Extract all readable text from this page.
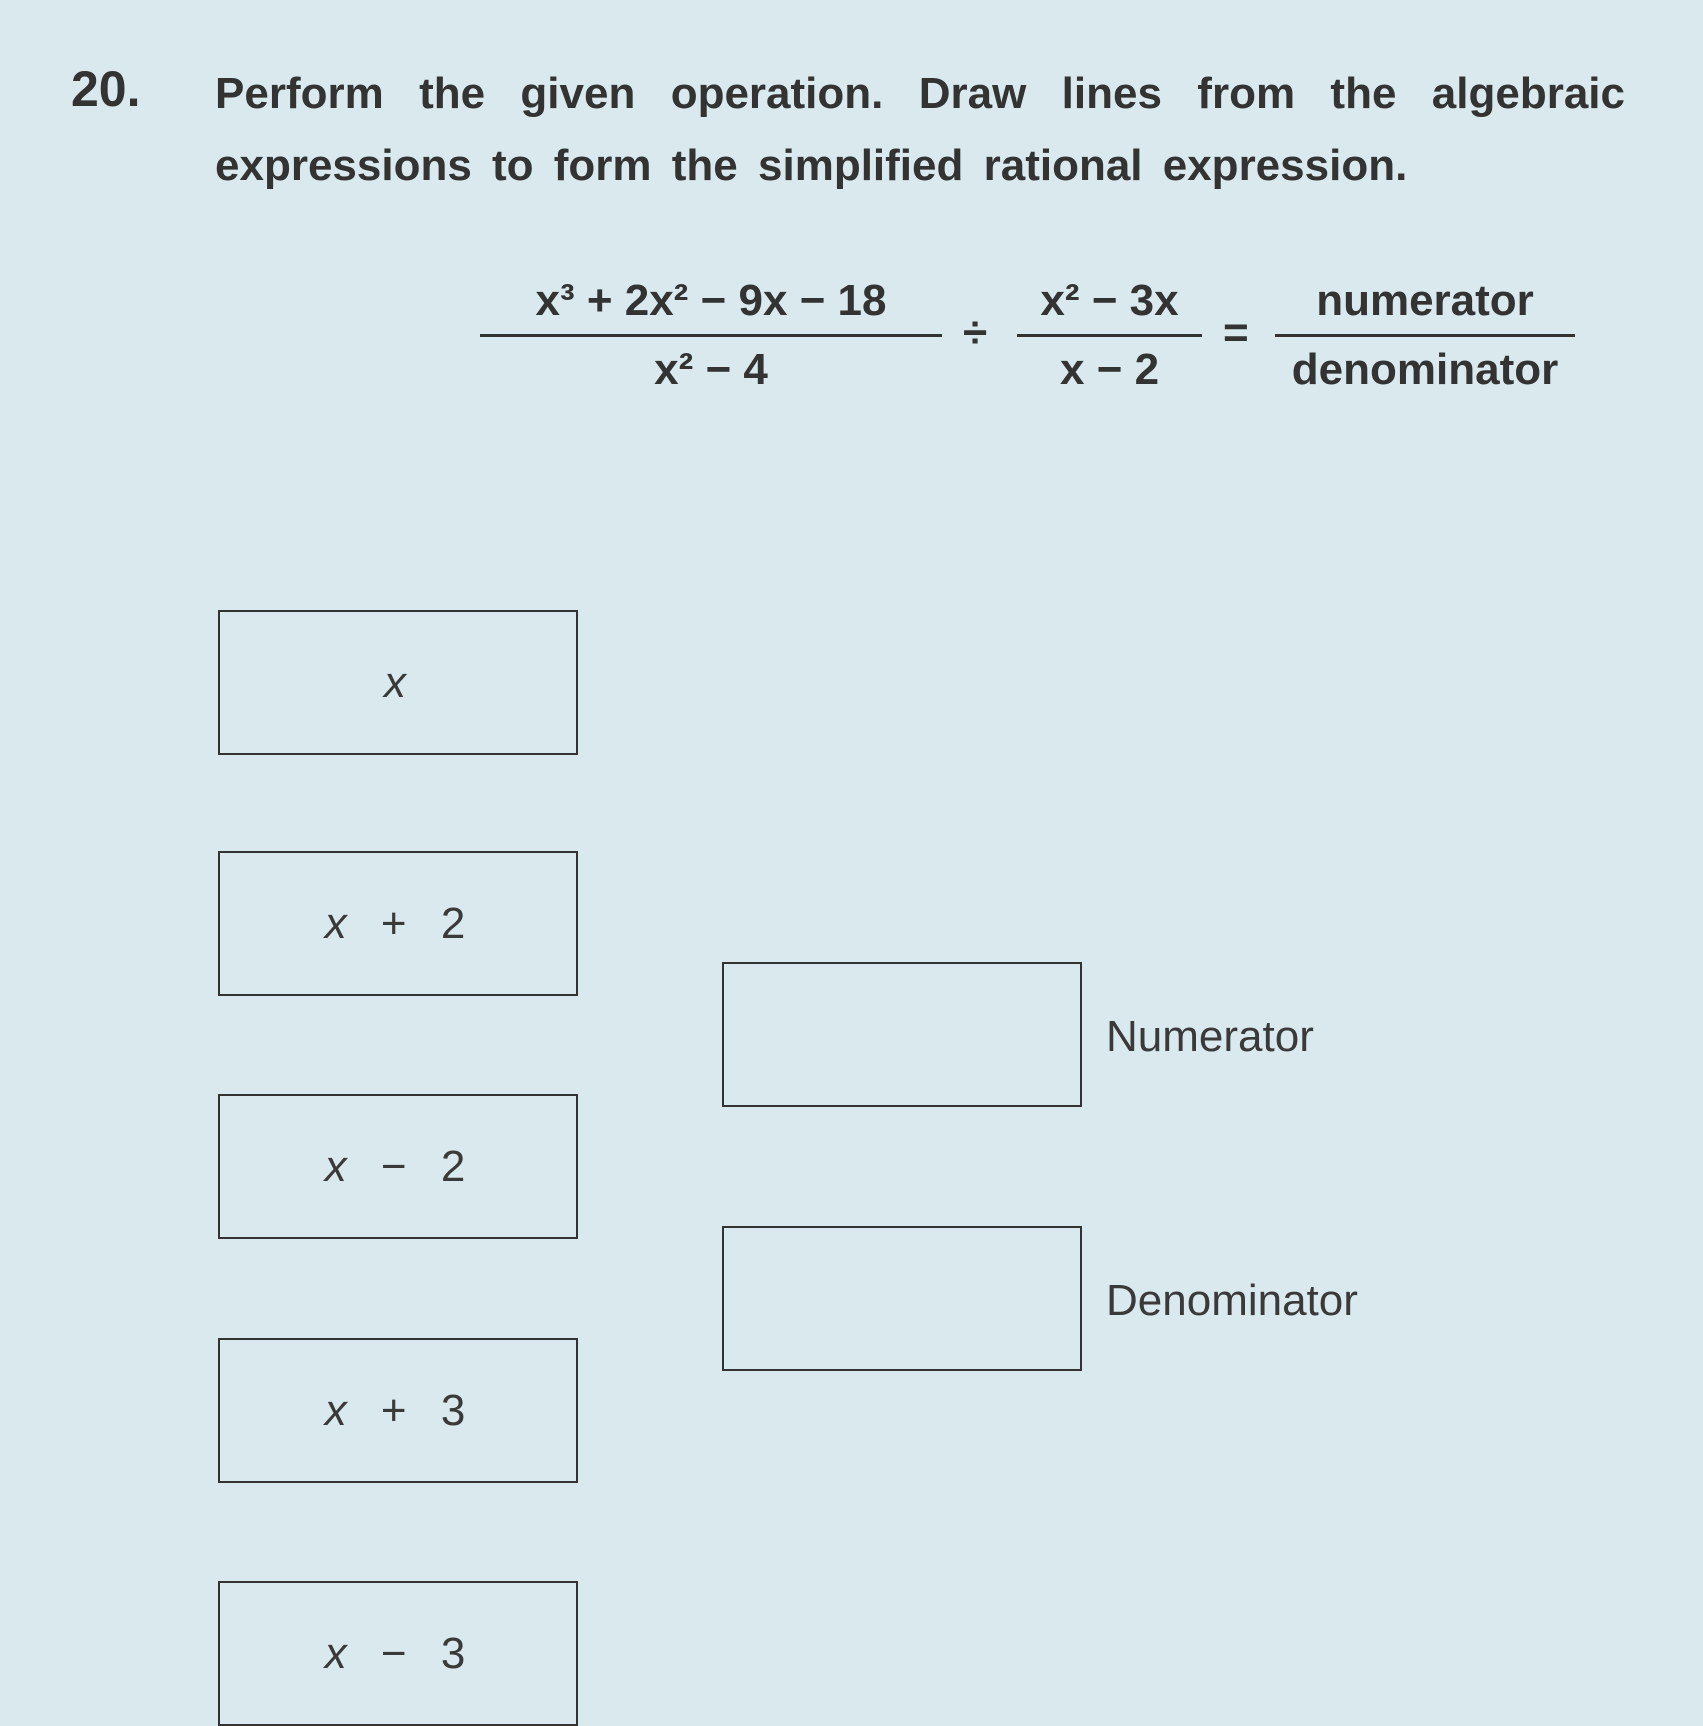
20. Perform the given operation. Draw lines from the algebraic
expressions to form the simplified rational expression.
x³ + 2x² − 9x − 18
x² − 4
÷
x² − 3x
x − 2
=
numerator
denominator
x
x + 2
x − 2
x + 3
x − 3
Numerator
Denominator
